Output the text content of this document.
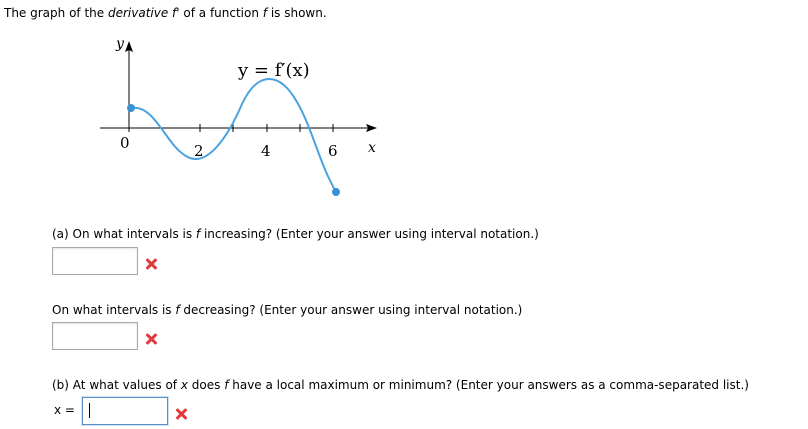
The graph of the derivative f' of a function f is shown.
y
x
y = f′(x)
0	2	4	6
(a) On what intervals is f increasing? (Enter your answer using interval notation.)
On what intervals is f decreasing? (Enter your answer using interval notation.)
(b) At what values of x does f have a local maximum or minimum? (Enter your answers as a comma-separated list.)
x =
